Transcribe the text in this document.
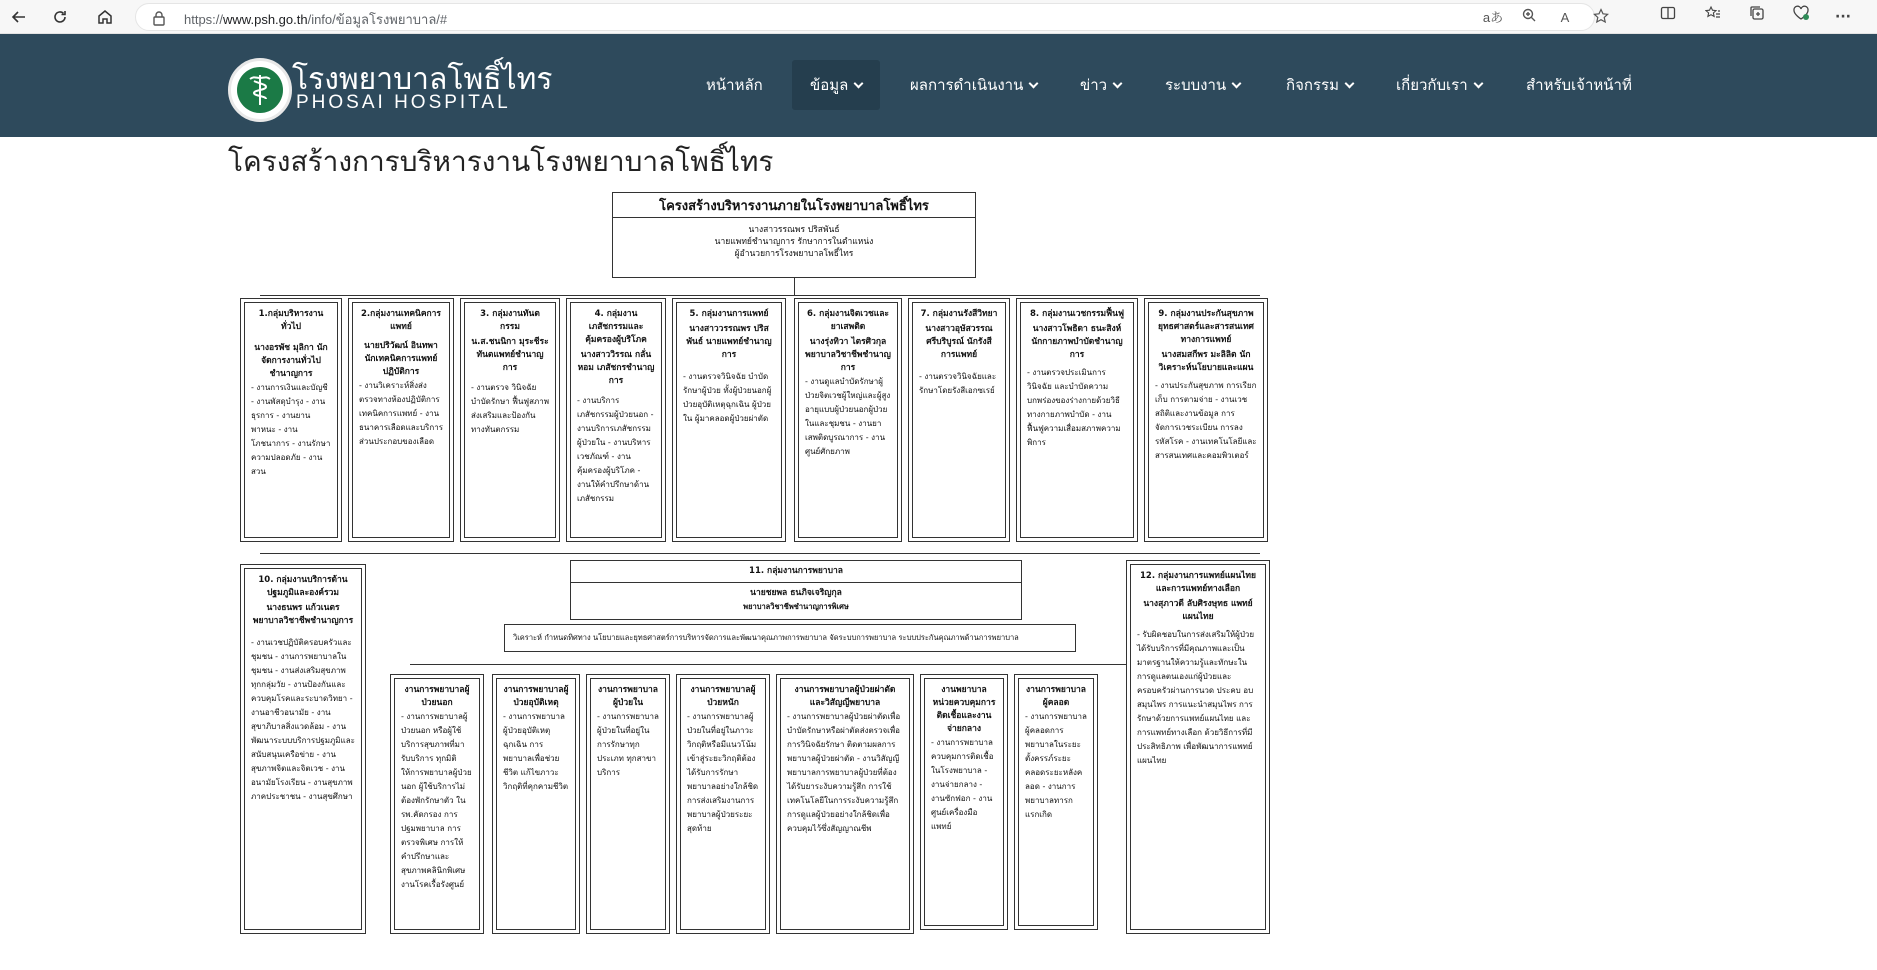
https://www.psh.go.th/info/ข้อมูลโรงพยาบาล/#	aあ	A	···
โรงพยาบาลโพธิ์ไทร
PHOSAI HOSPITAL
หน้าหลัก	ข้อมูล	ผลการดำเนินงาน	ข่าว	ระบบงาน	กิจกรรม	เกี่ยวกับเรา	สำหรับเจ้าหน้าที่
โครงสร้างการบริหารงานโรงพยาบาลโพธิ์ไทร
โครงสร้างบริหารงานภายในโรงพยาบาลโพธิ์ไทร
นางสาวรรณพร ปริสพันธ์
นายแพทย์ชำนาญการ รักษาการในตำแหน่ง
ผู้อำนวยการโรงพยาบาลโพธิ์ไทร
1.กลุ่มบริหารงานทั่วไป
นางอรพัช มุลิกา นักจัดการงานทั่วไป ชำนาญการ
- งานการเงินและบัญชี - งานพัสดุบำรุง - งานธุรการ - งานยานพาหนะ - งานโภชนาการ - งานรักษาความปลอดภัย - งานสวน
2.กลุ่มงานเทคนิคการแพทย์
นายปริวัฒน์ อินทพา นักเทคนิคการแพทย์ ปฏิบัติการ
- งานวิเคราะห์สิ่งส่งตรวจทางห้องปฏิบัติการเทคนิคการแพทย์ - งานธนาคารเลือดและบริการส่วนประกอบของเลือด
3. กลุ่มงานทันตกรรม
น.ส.ชนนิกา มุระชีระ ทันตแพทย์ชำนาญการ
- งานตรวจ วินิจฉัย บำบัดรักษา ฟื้นฟูสภาพ ส่งเสริมและป้องกันทางทันตกรรม
4. กลุ่มงานเภสัชกรรมและคุ้มครองผู้บริโภค
นางสาววิรรณ กลั่นหอม เภสัชกรชำนาญการ
- งานบริการเภสัชกรรมผู้ป่วยนอก - งานบริการเภสัชกรรมผู้ป่วยใน - งานบริหารเวชภัณฑ์ - งานคุ้มครองผู้บริโภค - งานให้คำปรึกษาด้านเภสัชกรรม
5. กลุ่มงานการแพทย์
นางสาววรรณพร ปริสพันธ์ นายแพทย์ชำนาญการ
- งานตรวจวินิจฉัย บำบัดรักษาผู้ป่วย ทั้งผู้ป่วยนอกผู้ป่วยอุบัติเหตุฉุกเฉิน ผู้ป่วยใน ผู้มาคลอดผู้ป่วยผ่าตัด
6. กลุ่มงานจิตเวชและยาเสพติด
นางรุ่งทิวา ไตรศิวกุล พยาบาลวิชาชีพชำนาญการ
- งานดูแลบำบัดรักษาผู้ป่วยจิตเวชผู้ใหญ่และผู้สูงอายุแบบผู้ป่วยนอกผู้ป่วยในและชุมชน - งานยาเสพติดบูรณาการ - งานศูนย์ศักยภาพ
7. กลุ่มงานรังสีวิทยา
นางสาวอุษัสวรรณ ศรีบริบูรณ์ นักรังสีการแพทย์
- งานตรวจวินิจฉัยและรักษาโดยรังสีเอกซเรย์
8. กลุ่มงานเวชกรรมฟื้นฟู
นางสาวโพธิดา ธนะสิงห์ นักกายภาพบำบัดชำนาญการ
- งานตรวจประเมินการวินิจฉัย และบำบัดความบกพร่องของร่างกายด้วยวิธีทางกายภาพบำบัด - งานฟื้นฟูความเสื่อมสภาพความพิการ
9. กลุ่มงานประกันสุขภาพยุทธศาสตร์และสารสนเทศทางการแพทย์
นางสมสกีพร มะลิลิต นักวิเคราะห์นโยบายและแผน
- งานประกันสุขภาพ การเรียกเก็บ การตามจ่าย - งานเวชสถิติและงานข้อมูล การจัดการเวชระเบียน การลงรหัสโรค - งานเทคโนโลยีและสารสนเทศและคอมพิวเตอร์
10. กลุ่มงานบริการด้านปฐมภูมิและองค์รวม
นางธนพร แก้วเนตร พยาบาลวิชาชีพชำนาญการ
- งานเวชปฏิบัติครอบครัวและชุมชน - งานการพยาบาลในชุมชน - งานส่งเสริมสุขภาพทุกกลุ่มวัย - งานป้องกันและควบคุมโรคและระบาดวิทยา - งานอาชีวอนามัย - งานสุขาภิบาลสิ่งแวดล้อม - งานพัฒนาระบบบริการปฐมภูมิและสนับสนุนเครือข่าย - งานสุขภาพจิตและจิตเวช - งานอนามัยโรงเรียน - งานสุขภาพภาคประชาชน - งานสุขศึกษา
11. กลุ่มงานการพยาบาล
นายชยพล ธนภิจเจริญกุล
พยาบาลวิชาชีพชำนาญการพิเศษ
วิเคราะห์ กำหนดทิศทาง นโยบายและยุทธศาสตร์การบริหารจัดการและพัฒนาคุณภาพการพยาบาล จัดระบบการพยาบาล ระบบประกันคุณภาพด้านการพยาบาล
งานการพยาบาลผู้ป่วยนอก
- งานการพยาบาลผู้ป่วยนอก หรือผู้ใช้บริการสุขภาพที่มารับบริการ ทุกมิติให้การพยาบาลผู้ป่วยนอก ผู้ใช้บริการไม่ต้องพักรักษาตัว ใน รพ.คัดกรอง การปฐมพยาบาล การตรวจพิเศษ การให้คำปรึกษาและสุขภาพคลินิกพิเศษ งานโรคเรื้อรังศูนย์
งานการพยาบาลผู้ป่วยอุบัติเหตุ
- งานการพยาบาลผู้ป่วยอุบัติเหตุฉุกเฉิน การพยาบาลเพื่อช่วยชีวิต แก้ไขภาวะวิกฤติที่คุกคามชีวิต
งานการพยาบาลผู้ป่วยใน
- งานการพยาบาลผู้ป่วยในที่อยู่ในการรักษาทุกประเภท ทุกสาขาบริการ
งานการพยาบาลผู้ป่วยหนัก
- งานการพยาบาลผู้ป่วยในที่อยู่ในภาวะวิกฤติหรือมีแนวโน้มเข้าสู่ระยะวิกฤติต้องได้รับการรักษาพยาบาลอย่างใกล้ชิด การส่งเสริมงานการพยาบาลผู้ป่วยระยะสุดท้าย
งานการพยาบาลผู้ป่วยผ่าตัดและวิสัญญีพยาบาล
- งานการพยาบาลผู้ป่วยผ่าตัดเพื่อบำบัดรักษาหรือผ่าตัดส่งตรวจเพื่อการวินิจฉัยรักษา ติดตามผลการพยาบาลผู้ป่วยผ่าตัด - งานวิสัญญีพยาบาลการพยาบาลผู้ป่วยที่ต้องได้รับยาระงับความรู้สึก การใช้เทคโนโลยีในการระงับความรู้สึก การดูแลผู้ป่วยอย่างใกล้ชิดเพื่อควบคุมไว้ซึ่งสัญญาณชีพ
งานพยาบาลหน่วยควบคุมการติดเชื้อและงานจ่ายกลาง
- งานการพยาบาลควบคุมการติดเชื้อในโรงพยาบาล - งานจ่ายกลาง - งานซักฟอก - งานศูนย์เครื่องมือแพทย์
งานการพยาบาลผู้คลอด
- งานการพยาบาลผู้คลอดการพยาบาลในระยะตั้งครรภ์ระยะคลอดระยะหลังคลอด - งานการพยาบาลทารกแรกเกิด
12. กลุ่มงานการแพทย์แผนไทยและการแพทย์ทางเลือก
นางสุภาวดี ลับศิรงษุทธ แพทย์แผนไทย
- รับผิดชอบในการส่งเสริมให้ผู้ป่วยได้รับบริการที่มีคุณภาพและเป็นมาตรฐานให้ความรู้และทักษะในการดูแลตนเองแก่ผู้ป่วยและครอบครัวผ่านการนวด ประคบ อบสมุนไพร การแนะนำสมุนไพร การรักษาด้วยการแพทย์แผนไทย และการแพทย์ทางเลือก ด้วยวิธีการที่มีประสิทธิภาพ เพื่อพัฒนาการแพทย์แผนไทย
